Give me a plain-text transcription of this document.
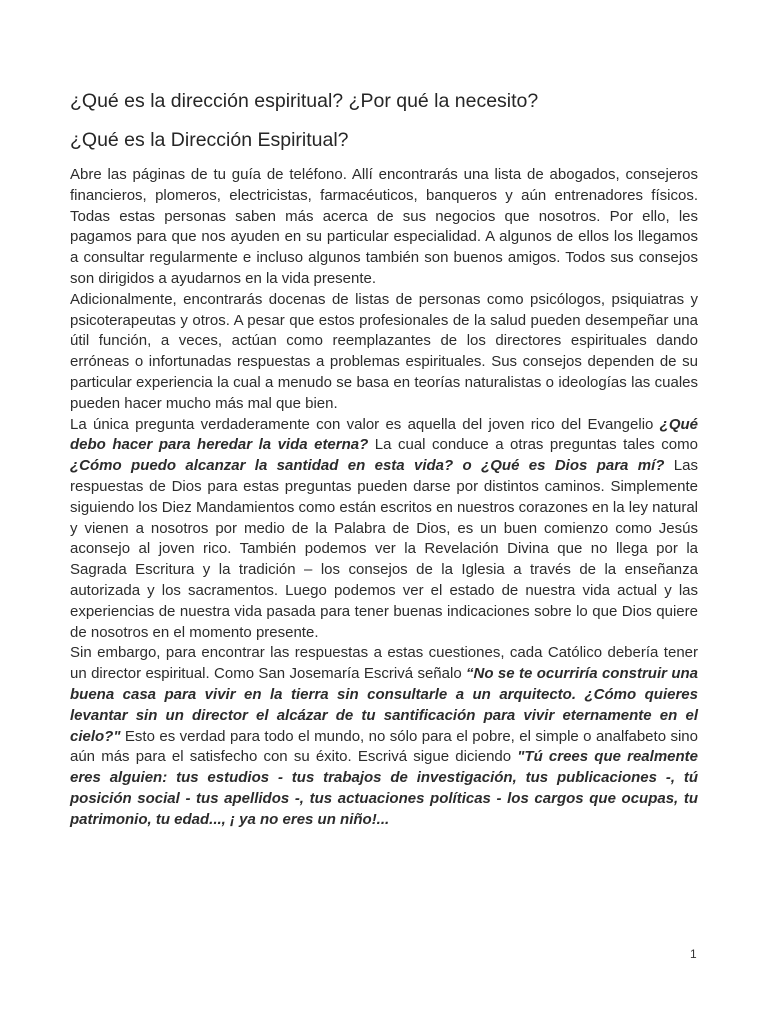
¿Qué es la dirección espiritual? ¿Por qué la necesito?
¿Qué es la Dirección Espiritual?

Abre las páginas de tu guía de teléfono. Allí encontrarás una lista de abogados, consejeros financieros, plomeros, electricistas, farmacéuticos, banqueros y aún entrenadores físicos. Todas estas personas saben más acerca de sus negocios que nosotros. Por ello, les pagamos para que nos ayuden en su particular especialidad. A algunos de ellos los llegamos a consultar regularmente e incluso algunos también son buenos amigos. Todos sus consejos son dirigidos a ayudarnos en la vida presente.

Adicionalmente, encontrarás docenas de listas de personas como psicólogos, psiquiatras y psicoterapeutas y otros. A pesar que estos profesionales de la salud pueden desempeñar una útil función, a veces, actúan como reemplazantes de los directores espirituales dando erróneas o infortunadas respuestas a problemas espirituales. Sus consejos dependen de su particular experiencia la cual a menudo se basa en teorías naturalistas o ideologías las cuales pueden hacer mucho más mal que bien.

La única pregunta verdaderamente con valor es aquella del joven rico del Evangelio ¿Qué debo hacer para heredar la vida eterna? La cual conduce a otras preguntas tales como ¿Cómo puedo alcanzar la santidad en esta vida? o ¿Qué es Dios para mí? Las respuestas de Dios para estas preguntas pueden darse por distintos caminos. Simplemente siguiendo los Diez Mandamientos como están escritos en nuestros corazones en la ley natural y vienen a nosotros por medio de la Palabra de Dios, es un buen comienzo como Jesús aconsejo al joven rico. También podemos ver la Revelación Divina que no llega por la Sagrada Escritura y la tradición – los consejos de la Iglesia a través de la enseñanza autorizada y los sacramentos. Luego podemos ver el estado de nuestra vida actual y las experiencias de nuestra vida pasada para tener buenas indicaciones sobre lo que Dios quiere de nosotros en el momento presente.

Sin embargo, para encontrar las respuestas a estas cuestiones, cada Católico debería tener un director espiritual. Como San Josemaría Escrivá señalo “No se te ocurriría construir una buena casa para vivir en la tierra sin consultarle a un arquitecto. ¿Cómo quieres levantar sin un director el alcázar de tu santificación para vivir eternamente en el cielo?" Esto es verdad para todo el mundo, no sólo para el pobre, el simple o analfabeto sino aún más para el satisfecho con su éxito. Escrivá sigue diciendo "Tú crees que realmente eres alguien: tus estudios - tus trabajos de investigación, tus publicaciones -, tú posición social - tus apellidos -, tus actuaciones políticas - los cargos que ocupas, tu patrimonio, tu edad..., ¡ ya no eres un niño!...

1
